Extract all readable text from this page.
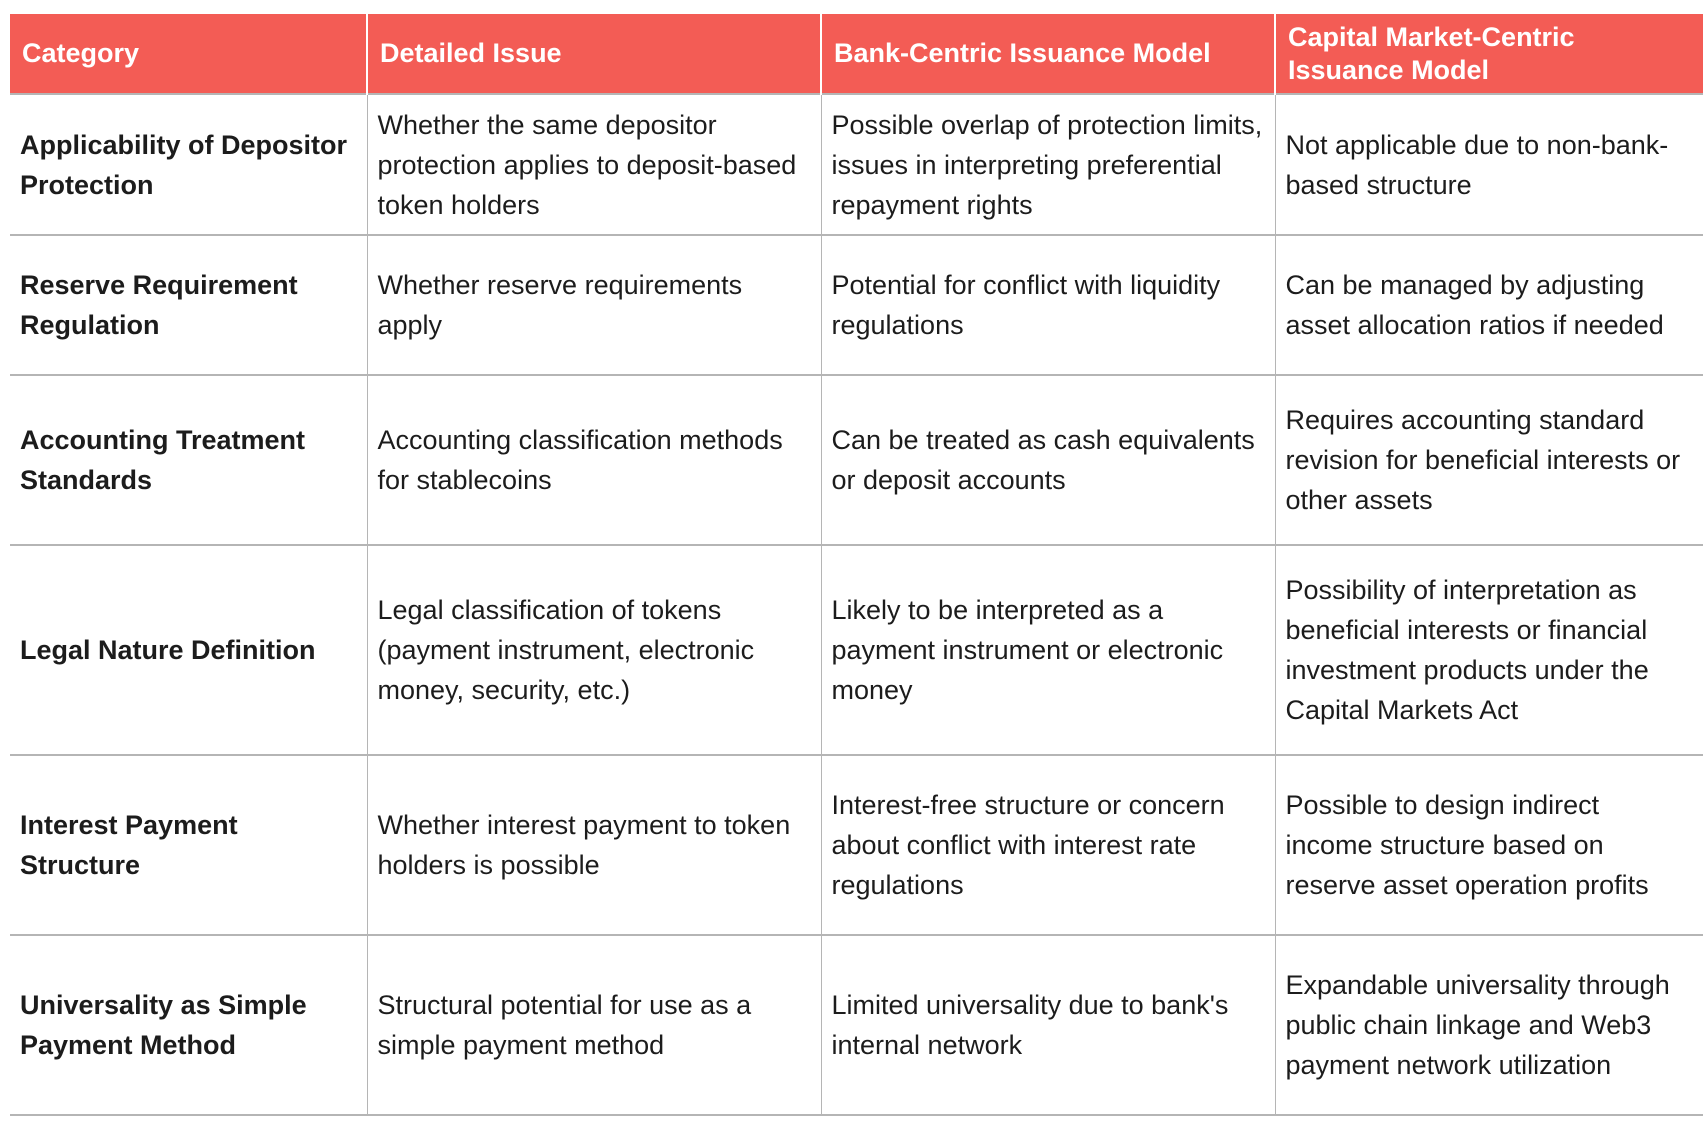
Category	Detailed Issue	Bank-Centric Issuance Model	Capital Market-Centric Issuance Model
Applicability of Depositor Protection	Whether the same depositor protection applies to deposit-based token holders	Possible overlap of protection limits, issues in interpreting preferential repayment rights	Not applicable due to non-bank-based structure
Reserve Requirement Regulation	Whether reserve requirements apply	Potential for conflict with liquidity regulations	Can be managed by adjusting asset allocation ratios if needed
Accounting Treatment Standards	Accounting classification methods for stablecoins	Can be treated as cash equivalents or deposit accounts	Requires accounting standard revision for beneficial interests or other assets
Legal Nature Definition	Legal classification of tokens (payment instrument, electronic money, security, etc.)	Likely to be interpreted as a payment instrument or electronic money	Possibility of interpretation as beneficial interests or financial investment products under the Capital Markets Act
Interest Payment Structure	Whether interest payment to token holders is possible	Interest-free structure or concern about conflict with interest rate regulations	Possible to design indirect income structure based on reserve asset operation profits
Universality as Simple Payment Method	Structural potential for use as a simple payment method	Limited universality due to bank's internal network	Expandable universality through public chain linkage and Web3 payment network utilization
